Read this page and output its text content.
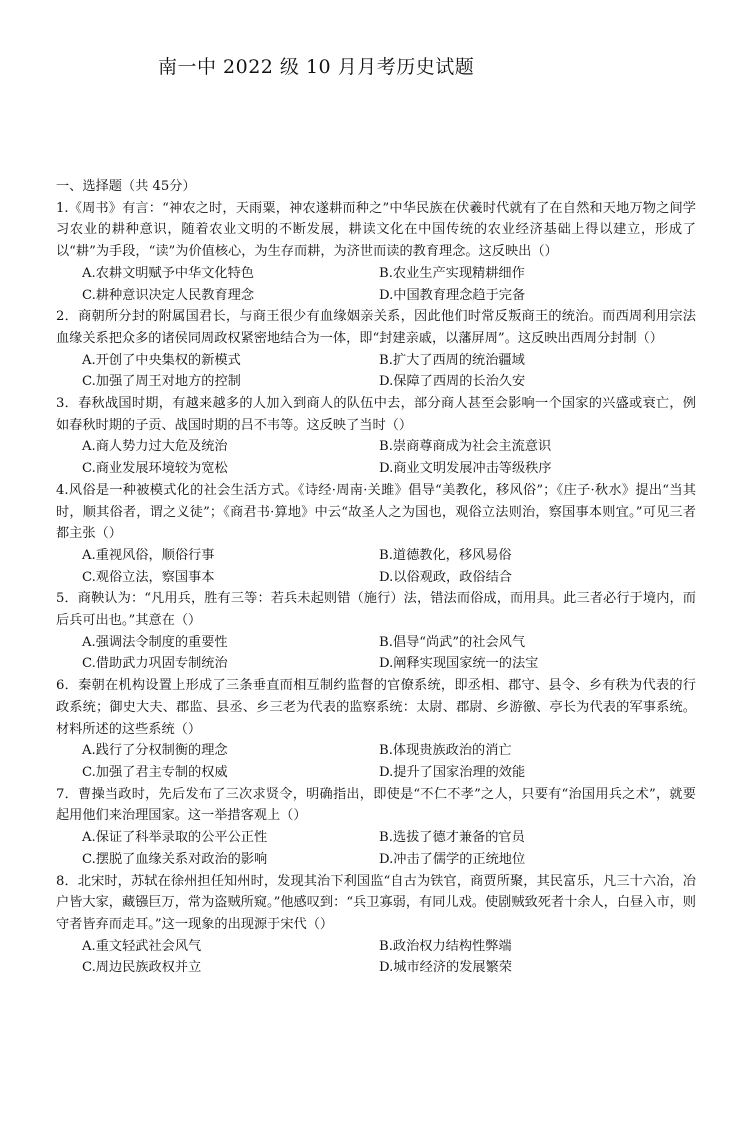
南一中 2022 级 10 月月考历史试题
一、选择题（共 45分）
1.《周书》有言：“神农之时，天雨粟，神农遂耕而种之”中华民族在伏羲时代就有了在自然和天地万物之间学习农业的耕种意识，随着农业文明的不断发展，耕读文化在中国传统的农业经济基础上得以建立，形成了以“耕”为手段，“读”为价值核心，为生存而耕，为济世而读的教育理念。这反映出（）
A.农耕文明赋予中华文化特色	B.农业生产实现精耕细作
C.耕种意识决定人民教育理念	D.中国教育理念趋于完备
2．商朝所分封的附属国君长，与商王很少有血缘姻亲关系，因此他们时常反叛商王的统治。而西周利用宗法血缘关系把众多的诸侯同周政权紧密地结合为一体，即“封建亲戚，以藩屏周”。这反映出西周分封制（）
A.开创了中央集权的新模式	B.扩大了西周的统治疆域
C.加强了周王对地方的控制	D.保障了西周的长治久安
3．春秋战国时期，有越来越多的人加入到商人的队伍中去，部分商人甚至会影响一个国家的兴盛或衰亡，例如春秋时期的子贡、战国时期的吕不韦等。这反映了当时（）
A.商人势力过大危及统治	B.崇商尊商成为社会主流意识
C.商业发展环境较为宽松	D.商业文明发展冲击等级秩序
4.风俗是一种被模式化的社会生活方式。《诗经·周南·关雎》倡导“美教化，移风俗”；《庄子·秋水》提出“当其时，顺其俗者，谓之义徒”；《商君书·算地》中云“故圣人之为国也，观俗立法则治，察国事本则宜。”可见三者都主张（）
A.重视风俗，顺俗行事	B.道德教化，移风易俗
C.观俗立法，察国事本	D.以俗观政，政俗结合
5．商鞅认为：“凡用兵，胜有三等：若兵未起则错（施行）法，错法而俗成，而用具。此三者必行于境内，而后兵可出也。”其意在（）
A.强调法令制度的重要性	B.倡导“尚武”的社会风气
C.借助武力巩固专制统治	D.阐释实现国家统一的法宝
6．秦朝在机构设置上形成了三条垂直而相互制约监督的官僚系统，即丞相、郡守、县令、乡有秩为代表的行政系统；御史大夫、郡监、县丞、乡三老为代表的监察系统：太尉、郡尉、乡游徼、亭长为代表的军事系统。材料所述的这些系统（）
A.践行了分权制衡的理念	B.体现贵族政治的消亡
C.加强了君主专制的权威	D.提升了国家治理的效能
7．曹操当政时，先后发布了三次求贤令，明确指出，即使是“不仁不孝”之人，只要有“治国用兵之术”，就要起用他们来治理国家。这一举措客观上（）
A.保证了科举录取的公平公正性	B.选拔了德才兼备的官员
C.摆脱了血缘关系对政治的影响	D.冲击了儒学的正统地位
8．北宋时，苏轼在徐州担任知州时，发现其治下利国监“自古为铁官，商贾所聚，其民富乐，凡三十六冶，冶户皆大家，藏镪巨万，常为盗贼所窥。”他感叹到：“兵卫寡弱，有同儿戏。使剧贼致死者十余人，白昼入市，则守者皆弃而走耳。”这一现象的出现源于宋代（）
A.重文轻武社会风气	B.政治权力结构性弊端
C.周边民族政权并立	D.城市经济的发展繁荣
